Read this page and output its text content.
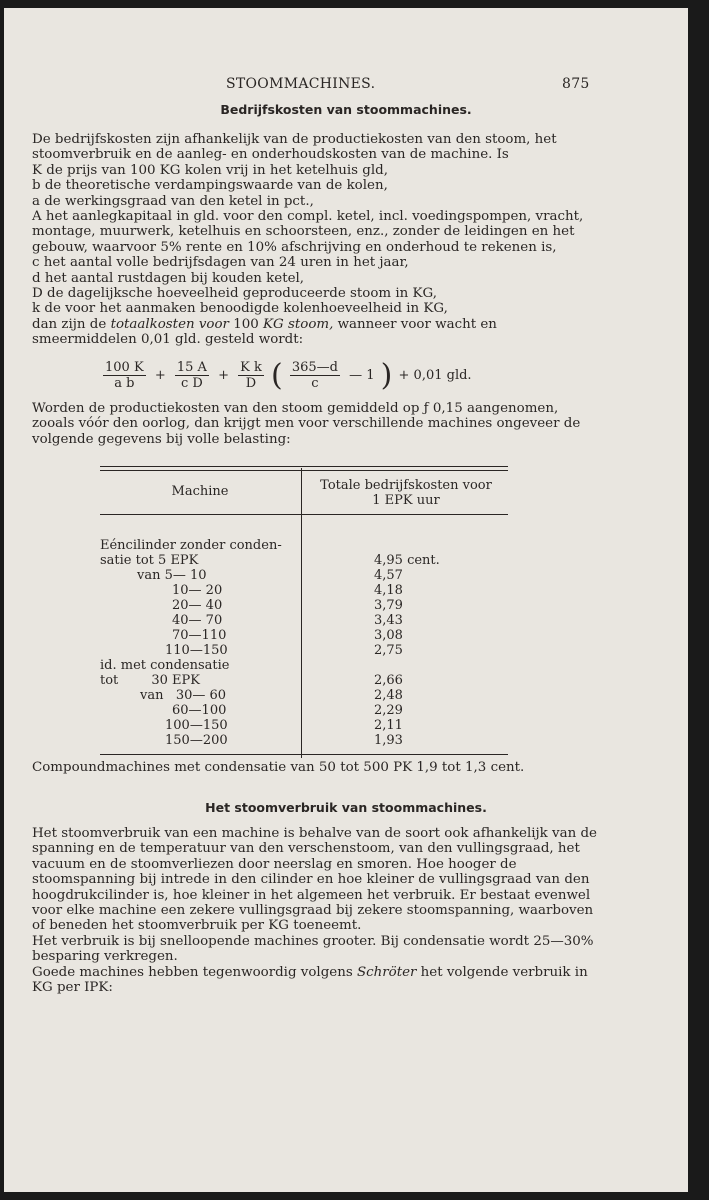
STOOMMACHINES.	875
Bedrijfskosten van stoommachines.

De bedrijfskosten zijn afhankelijk van de productiekosten van den stoom, het stoomverbruik en de aanleg- en onderhoudskosten van de machine. Is

K de prijs van 100 KG kolen vrij in het ketelhuis gld,

b de theoretische verdampingswaarde van de kolen,

a de werkingsgraad van den ketel in pct.,

A het aanlegkapitaal in gld. voor den compl. ketel, incl. voedingspompen, vracht, montage, muurwerk, ketelhuis en schoorsteen, enz., zonder de leidingen en het gebouw, waarvoor 5% rente en 10% afschrijving en onderhoud te rekenen is,

c het aantal volle bedrijfsdagen van 24 uren in het jaar,

d het aantal rustdagen bij kouden ketel,

D de dagelijksche hoeveelheid geproduceerde stoom in KG,

k de voor het aanmaken benoodigde kolenhoeveelheid in KG,

dan zijn de totaalkosten voor 100 KG stoom, wanneer voor wacht en smeermiddelen 0,01 gld. gesteld wordt:

$\frac{100 K}{\text{a b}} + \frac{15 A}{\text{c D}} + \frac{\text{K k}}{D}$ ( $\frac{365—d}{c}$ — 1 ) + 0,01 gld.

Worden de productiekosten van den stoom gemiddeld op ƒ 0,15 aangenomen, zooals vóór den oorlog, dan krijgt men voor verschillende machines ongeveer de volgende gegevens bij volle belasting:

Machine	Totale bedrijfskosten voor
1 EPK uur
Eéncilinder zonder conden-
satie tot 5 EPK	4,95 cent.
van 5— 10	4,57
10— 20	4,18
20— 40	3,79
40— 70	3,43
70—110	3,08
110—150	2,75
id. met condensatie
tot        30 EPK	2,66
van   30— 60	2,48
60—100	2,29
100—150	2,11
150—200	1,93

Compoundmachines met condensatie van 50 tot 500 PK 1,9 tot 1,3 cent.

Het stoomverbruik van stoommachines.

Het stoomverbruik van een machine is behalve van de soort ook afhankelijk van de spanning en de temperatuur van den verschenstoom, van den vullingsgraad, het vacuum en de stoomverliezen door neerslag en smoren. Hoe hooger de stoomspanning bij intrede in den cilinder en hoe kleiner de vullingsgraad van den hoogdrukcilinder is, hoe kleiner in het algemeen het verbruik. Er bestaat evenwel voor elke machine een zekere vullingsgraad bij zekere stoomspanning, waarboven of beneden het stoomverbruik per KG toeneemt.

Het verbruik is bij snelloopende machines grooter. Bij condensatie wordt 25—30% besparing verkregen.

Goede machines hebben tegenwoordig volgens Schröter het volgende verbruik in KG per IPK:
